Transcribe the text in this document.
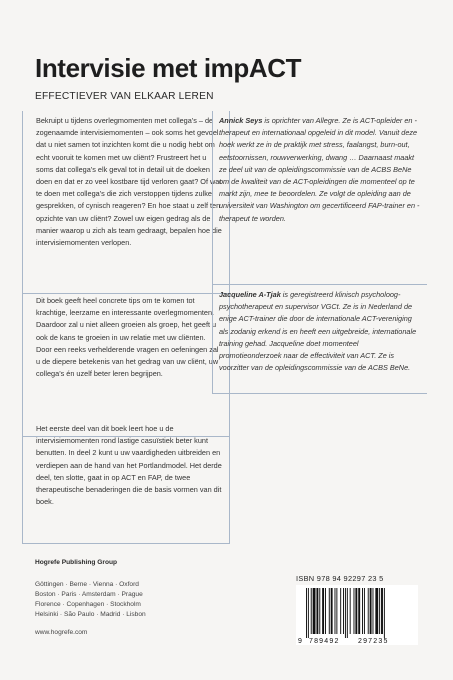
Intervisie met impACT
EFFECTIEVER VAN ELKAAR LEREN

Bekruipt u tijdens overlegmomenten met collega’s – de zogenaamde intervisiemomenten – ook soms het gevoel dat u niet samen tot inzichten komt die u nodig hebt om echt vooruit te komen met uw cliënt? Frustreert het u soms dat collega’s elk geval tot in detail uit de doeken doen en dat er zo veel kostbare tijd verloren gaat? Of wat te doen met collega’s die zich verstoppen tijdens zulke gesprekken, of cynisch reageren? En hoe staat u zelf ten opzichte van uw cliënt? Zowel uw eigen gedrag als de manier waarop u zich als team gedraagt, bepalen hoe die intervisiemomenten verlopen.

Dit boek geeft heel concrete tips om te komen tot krachtige, leerzame en interessante overlegmomenten. Daardoor zal u niet alleen groeien als groep, het geeft u ook de kans te groeien in uw relatie met uw cliënten. Door een reeks verhelderende vragen en oefeningen zal u de diepere betekenis van het gedrag van uw cliënt, uw collega’s én uzelf beter leren begrijpen.

Het eerste deel van dit boek leert hoe u de intervisiemomenten rond lastige casuïstiek beter kunt benutten. In deel 2 kunt u uw vaardigheden uitbreiden en verdiepen aan de hand van het Portlandmodel. Het derde deel, ten slotte, gaat in op ACT en FAP, de twee therapeutische benaderingen die de basis vormen van dit boek.

Annick Seys is oprichter van Allegre. Ze is ACT-opleider en -therapeut en internationaal opgeleid in dit model. Vanuit deze hoek werkt ze in de praktijk met stress, faalangst, burn-out, eetstoornissen, rouwverwerking, dwang … Daarnaast maakt ze deel uit van de opleidingscommissie van de ACBS BeNe om de kwaliteit van de ACT-opleidingen die momenteel op te markt zijn, mee te beoordelen. Ze volgt de opleiding aan de universiteit van Washington om gecertificeerd FAP-trainer en -therapeut te worden.

Jacqueline A-Tjak is geregistreerd klinisch psycholoog-psychotherapeut en supervisor VGCt. Ze is in Nederland de enige ACT-trainer die door de internationale ACT-vereniging als zodanig erkend is en heeft een uitgebreide, internationale training gehad. Jacqueline doet momenteel promotieonderzoek naar de effectiviteit van ACT. Ze is voorzitter van de opleidingscommissie van de ACBS BeNe.

Hogrefe Publishing Group
Göttingen · Berne · Vienna · Oxford
Boston · Paris · Amsterdam · Prague
Florence · Copenhagen · Stockholm
Helsinki · São Paulo · Madrid · Lisbon
www.hogrefe.com
ISBN 978 94 92297 23 5
9 789492	297235
